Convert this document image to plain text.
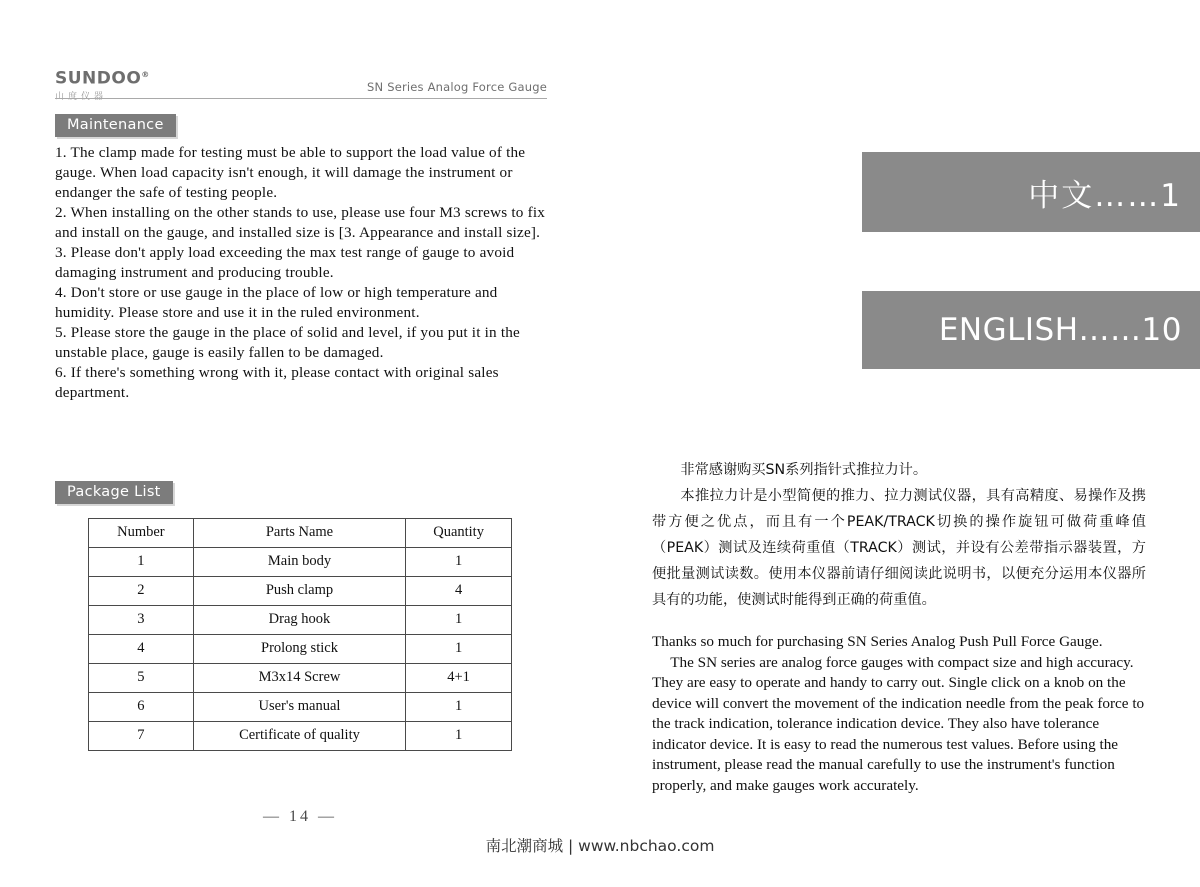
SUNDOO®
山度仪器
SN Series Analog Force Gauge
Maintenance

1. The clamp made for testing must be able to support the load value of the gauge. When load capacity isn't enough, it will damage the instrument or endanger the safe of testing people.

2. When installing on the other stands to use, please use four M3 screws to fix and install on the gauge, and installed size is [3. Appearance and install size].

3. Please don't apply load exceeding the max test range of gauge to avoid damaging instrument and producing trouble.

4. Don't store or use gauge in the place of low or high temperature and humidity. Please store and use it in the ruled environment.

5. Please store the gauge in the place of solid and level, if you put it in the unstable place, gauge is easily fallen to be damaged.

6. If there's something wrong with it, please contact with original sales department.

Package List
Number	Parts Name	Quantity
1	Main body	1
2	Push clamp	4
3	Drag hook	1
4	Prolong stick	1
5	M3x14 Screw	4+1
6	User's manual	1
7	Certificate of quality	1
— 14 —
中文……1
ENGLISH……10

非常感谢购买SN系列指针式推拉力计。

本推拉力计是小型简便的推力、拉力测试仪器，具有高精度、易操作及携带方便之优点，而且有一个PEAK/TRACK切换的操作旋钮可做荷重峰值（PEAK）测试及连续荷重值（TRACK）测试，并设有公差带指示器装置，方便批量测试读数。使用本仪器前请仔细阅读此说明书，以便充分运用本仪器所具有的功能，使测试时能得到正确的荷重值。

Thanks so much for purchasing SN Series Analog Push Pull Force Gauge.

The SN series are analog force gauges with compact size and high accuracy. They are easy to operate and handy to carry out. Single click on a knob on the device will convert the movement of the indication needle from the peak force to the track indication, tolerance indication device. They also have tolerance indicator device. It is easy to read the numerous test values. Before using the instrument, please read the manual carefully to use the instrument's function properly, and make gauges work accurately.

南北潮商城 | www.nbchao.com
